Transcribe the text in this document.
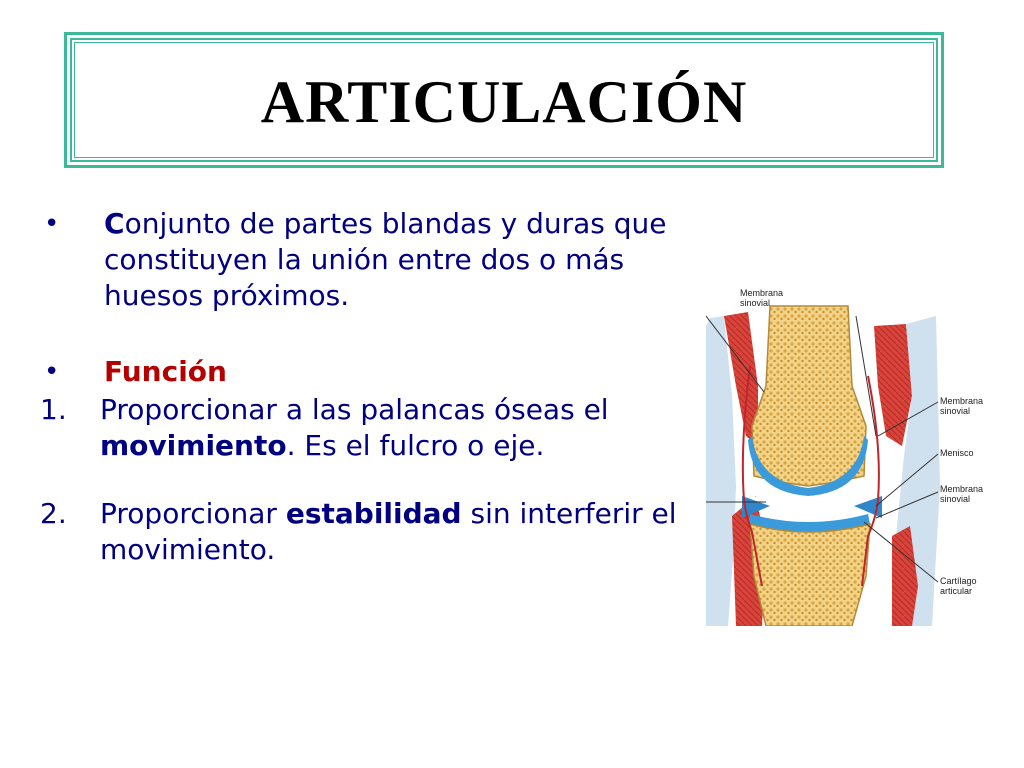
ARTICULACIÓN
•	Conjunto de partes blandas y duras que constituyen la unión entre dos o más huesos próximos.
•	Función
1.	Proporcionar a las palancas óseas el movimiento. Es el fulcro o eje.
2.	Proporcionar estabilidad sin interferir el movimiento.
Membrana sinovial
Membrana sinovial
Menisco
Membrana sinovial
Cartílago articular
